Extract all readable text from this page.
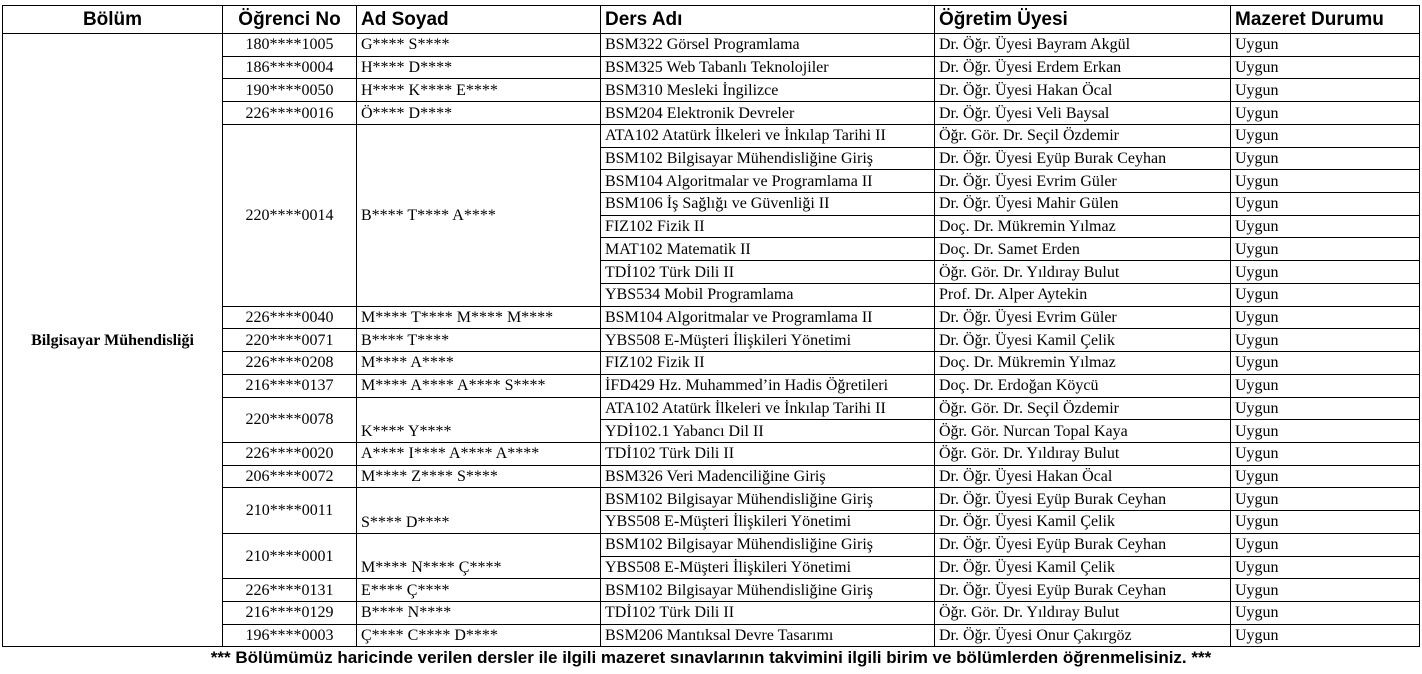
Bölüm	Öğrenci No	Ad Soyad	Ders Adı	Öğretim Üyesi	Mazeret Durumu
Bilgisayar Mühendisliği	180****1005	G**** S****	BSM322 Görsel Programlama	Dr. Öğr. Üyesi Bayram Akgül	Uygun
	186****0004	H**** D****	BSM325 Web Tabanlı Teknolojiler	Dr. Öğr. Üyesi Erdem Erkan	Uygun
	190****0050	H**** K**** E****	BSM310 Mesleki İngilizce	Dr. Öğr. Üyesi Hakan Öcal	Uygun
	226****0016	Ö**** D****	BSM204 Elektronik Devreler	Dr. Öğr. Üyesi Veli Baysal	Uygun
	220****0014	B**** T**** A****	ATA102 Atatürk İlkeleri ve İnkılap Tarihi II	Öğr. Gör. Dr. Seçil Özdemir	Uygun
			BSM102 Bilgisayar Mühendisliğine Giriş	Dr. Öğr. Üyesi Eyüp Burak Ceyhan	Uygun
			BSM104 Algoritmalar ve Programlama II	Dr. Öğr. Üyesi Evrim Güler	Uygun
			BSM106 İş Sağlığı ve Güvenliği II	Dr. Öğr. Üyesi Mahir Gülen	Uygun
			FIZ102 Fizik II	Doç. Dr. Mükremin Yılmaz	Uygun
			MAT102 Matematik II	Doç. Dr. Samet Erden	Uygun
			TDİ102 Türk Dili II	Öğr. Gör. Dr. Yıldıray Bulut	Uygun
			YBS534 Mobil Programlama	Prof. Dr. Alper Aytekin	Uygun
	226****0040	M**** T**** M**** M****	BSM104 Algoritmalar ve Programlama II	Dr. Öğr. Üyesi Evrim Güler	Uygun
	220****0071	B**** T****	YBS508 E-Müşteri İlişkileri Yönetimi	Dr. Öğr. Üyesi Kamil Çelik	Uygun
	226****0208	M**** A****	FIZ102 Fizik II	Doç. Dr. Mükremin Yılmaz	Uygun
	216****0137	M**** A**** A**** S****	İFD429 Hz. Muhammed’in Hadis Öğretileri	Doç. Dr. Erdoğan Köycü	Uygun
	220****0078	K**** Y****	ATA102 Atatürk İlkeleri ve İnkılap Tarihi II	Öğr. Gör. Dr. Seçil Özdemir	Uygun
			YDİ102.1 Yabancı Dil II	Öğr. Gör. Nurcan Topal Kaya	Uygun
	226****0020	A**** I**** A**** A****	TDİ102 Türk Dili II	Öğr. Gör. Dr. Yıldıray Bulut	Uygun
	206****0072	M**** Z**** S****	BSM326 Veri Madenciliğine Giriş	Dr. Öğr. Üyesi Hakan Öcal	Uygun
	210****0011	S**** D****	BSM102 Bilgisayar Mühendisliğine Giriş	Dr. Öğr. Üyesi Eyüp Burak Ceyhan	Uygun
			YBS508 E-Müşteri İlişkileri Yönetimi	Dr. Öğr. Üyesi Kamil Çelik	Uygun
	210****0001	M**** N**** Ç****	BSM102 Bilgisayar Mühendisliğine Giriş	Dr. Öğr. Üyesi Eyüp Burak Ceyhan	Uygun
			YBS508 E-Müşteri İlişkileri Yönetimi	Dr. Öğr. Üyesi Kamil Çelik	Uygun
	226****0131	E**** Ç****	BSM102 Bilgisayar Mühendisliğine Giriş	Dr. Öğr. Üyesi Eyüp Burak Ceyhan	Uygun
	216****0129	B**** N****	TDİ102 Türk Dili II	Öğr. Gör. Dr. Yıldıray Bulut	Uygun
	196****0003	Ç**** C**** D****	BSM206 Mantıksal Devre Tasarımı	Dr. Öğr. Üyesi Onur Çakırgöz	Uygun
*** Bölümümüz haricinde verilen dersler ile ilgili mazeret sınavlarının takvimini ilgili birim ve bölümlerden öğrenmelisiniz. ***
